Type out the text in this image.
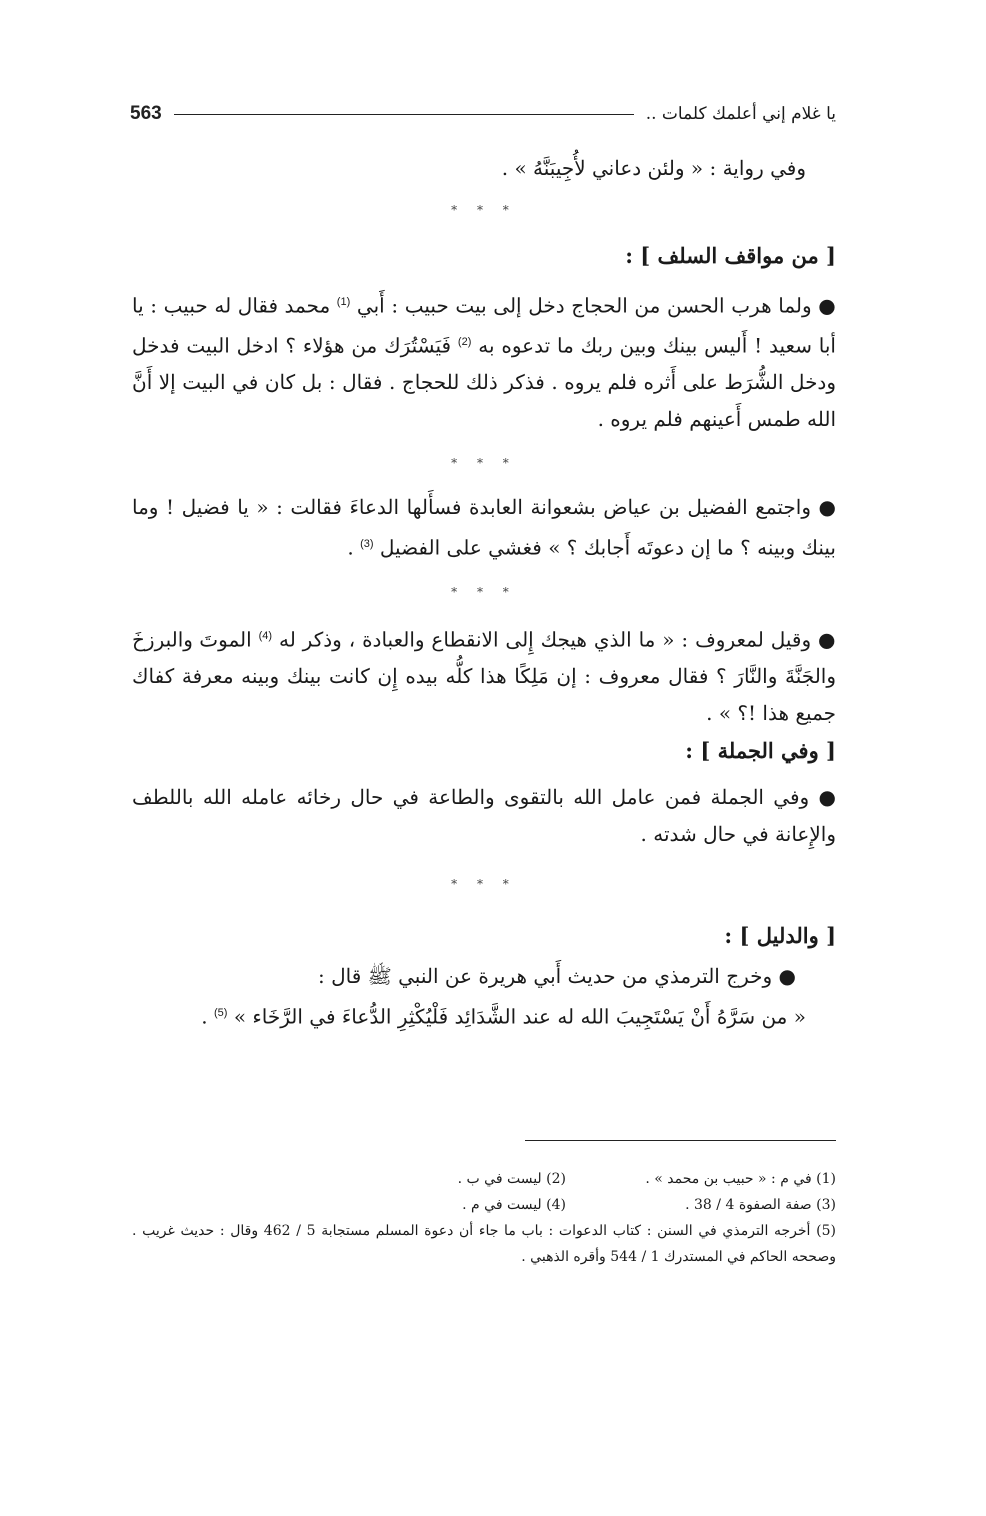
563	يا غلام إني أعلمك كلمات ..

وفي رواية : « ولئن دعاني لأُجِيبَنَّهُ » .

* * *

[ من مواقف السلف ] :

● ولما هرب الحسن من الحجاج دخل إلى بيت حبيب : أَبي $^{(1)}$ محمد فقال له حبيب : يا أبا سعيد ! أَليس بينك وبين ربك ما تدعوه به $^{(2)}$ فَيَسْتُرَك من هؤلاء ؟ ادخل البيت فدخل ودخل الشُّرَط على أَثره فلم يروه . فذكر ذلك للحجاج . فقال : بل كان في البيت إلا أَنَّ الله طمس أَعينهم فلم يروه .

* * *

● واجتمع الفضيل بن عياض بشعوانة العابدة فسأَلها الدعاءَ فقالت : « يا فضيل ! وما بينك وبينه ؟ ما إن دعوتَه أَجابك ؟ » فغشي على الفضيل $^{(3)}$ .

* * *

● وقيل لمعروف : « ما الذي هيجك إِلى الانقطاع والعبادة ، وذكر له $^{(4)}$ الموتَ والبرزخَ والجَنَّةَ والنَّارَ ؟ فقال معروف : إن مَلِكًا هذا كلُّه بيده إِن كانت بينك وبينه معرفة كفاك جميع هذا !؟ » .

[ وفي الجملة ] :

● وفي الجملة فمن عامل الله بالتقوى والطاعة في حال رخائه عامله الله باللطف والإِعانة في حال شدته .

* * *

[ والدليل ] :

● وخرج الترمذي من حديث أَبي هريرة عن النبي ﷺ قال :

« من سَرَّهُ أَنْ يَسْتَجِيبَ الله له عند الشَّدَائِد فَلْيُكْثِرِ الدُّعاءَ في الرَّخَاء » $^{(5)}$ .

(1) في م : « حبيب بن محمد » .
(2) ليست في ب .
(3) صفة الصفوة 4 / 38 .
(4) ليست في م .
(5) أخرجه الترمذي في السنن : كتاب الدعوات : باب ما جاء أن دعوة المسلم مستجابة 5 / 462 وقال : حديث غريب . وصححه الحاكم في المستدرك 1 / 544 وأقره الذهبي .
